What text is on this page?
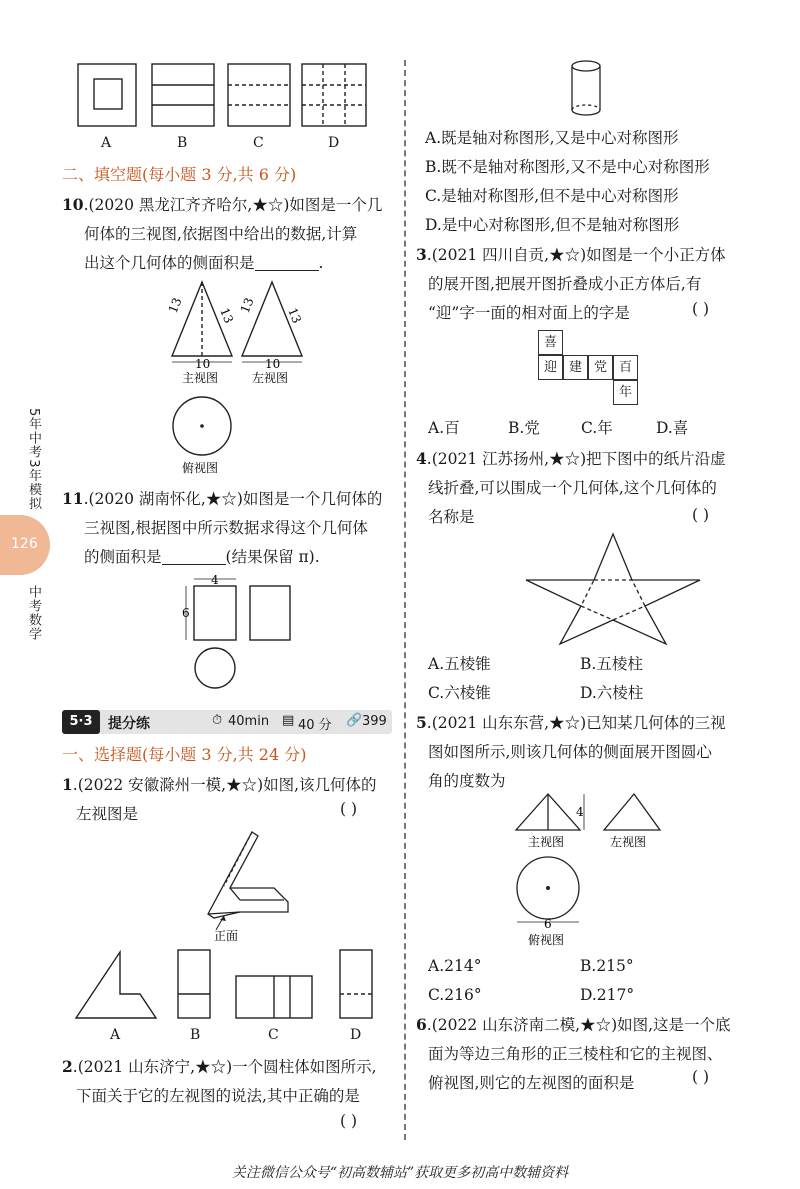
5年中考3年模拟
126
中考数学
A	B	C	D
二、填空题(每小题 3 分,共 6 分)
10.(2020 黑龙江齐齐哈尔,★☆)如图是一个几
何体的三视图,依据图中给出的数据,计算
出这个几何体的侧面积是	.
13
13
13
13
10	10
主视图	左视图
俯视图
11.(2020 湖南怀化,★☆)如图是一个几何体的
三视图,根据图中所示数据求得这个几何体
的侧面积是	(结果保留 π).
4
6
5·3	提分练	⏱ 40min ▤ 40 分 🔗 399
一、选择题(每小题 3 分,共 24 分)
1.(2022 安徽滁州一模,★☆)如图,该几何体的
左视图是	( )
正面
A	B	C	D
2.(2021 山东济宁,★☆)一个圆柱体如图所示,
下面关于它的左视图的说法,其中正确的是
( )
A.既是轴对称图形,又是中心对称图形
B.既不是轴对称图形,又不是中心对称图形
C.是轴对称图形,但不是中心对称图形
D.是中心对称图形,但不是轴对称图形
3.(2021 四川自贡,★☆)如图是一个小正方体
的展开图,把展开图折叠成小正方体后,有
“迎”字一面的相对面上的字是	( )
喜
迎 建 党 百
年
A.百	B.党	C.年	D.喜
4.(2021 江苏扬州,★☆)把下图中的纸片沿虚
线折叠,可以围成一个几何体,这个几何体的
名称是	( )
A.五棱锥	B.五棱柱
C.六棱锥	D.六棱柱
5.(2021 山东东营,★☆)已知某几何体的三视
图如图所示,则该几何体的侧面展开图圆心
角的度数为
4
主视图	左视图
6
俯视图
A.214°	B.215°
C.216°	D.217°
6.(2022 山东济南二模,★☆)如图,这是一个底
面为等边三角形的正三棱柱和它的主视图、
俯视图,则它的左视图的面积是	( )
关注微信公众号“初高数辅站”获取更多初高中数辅资料
